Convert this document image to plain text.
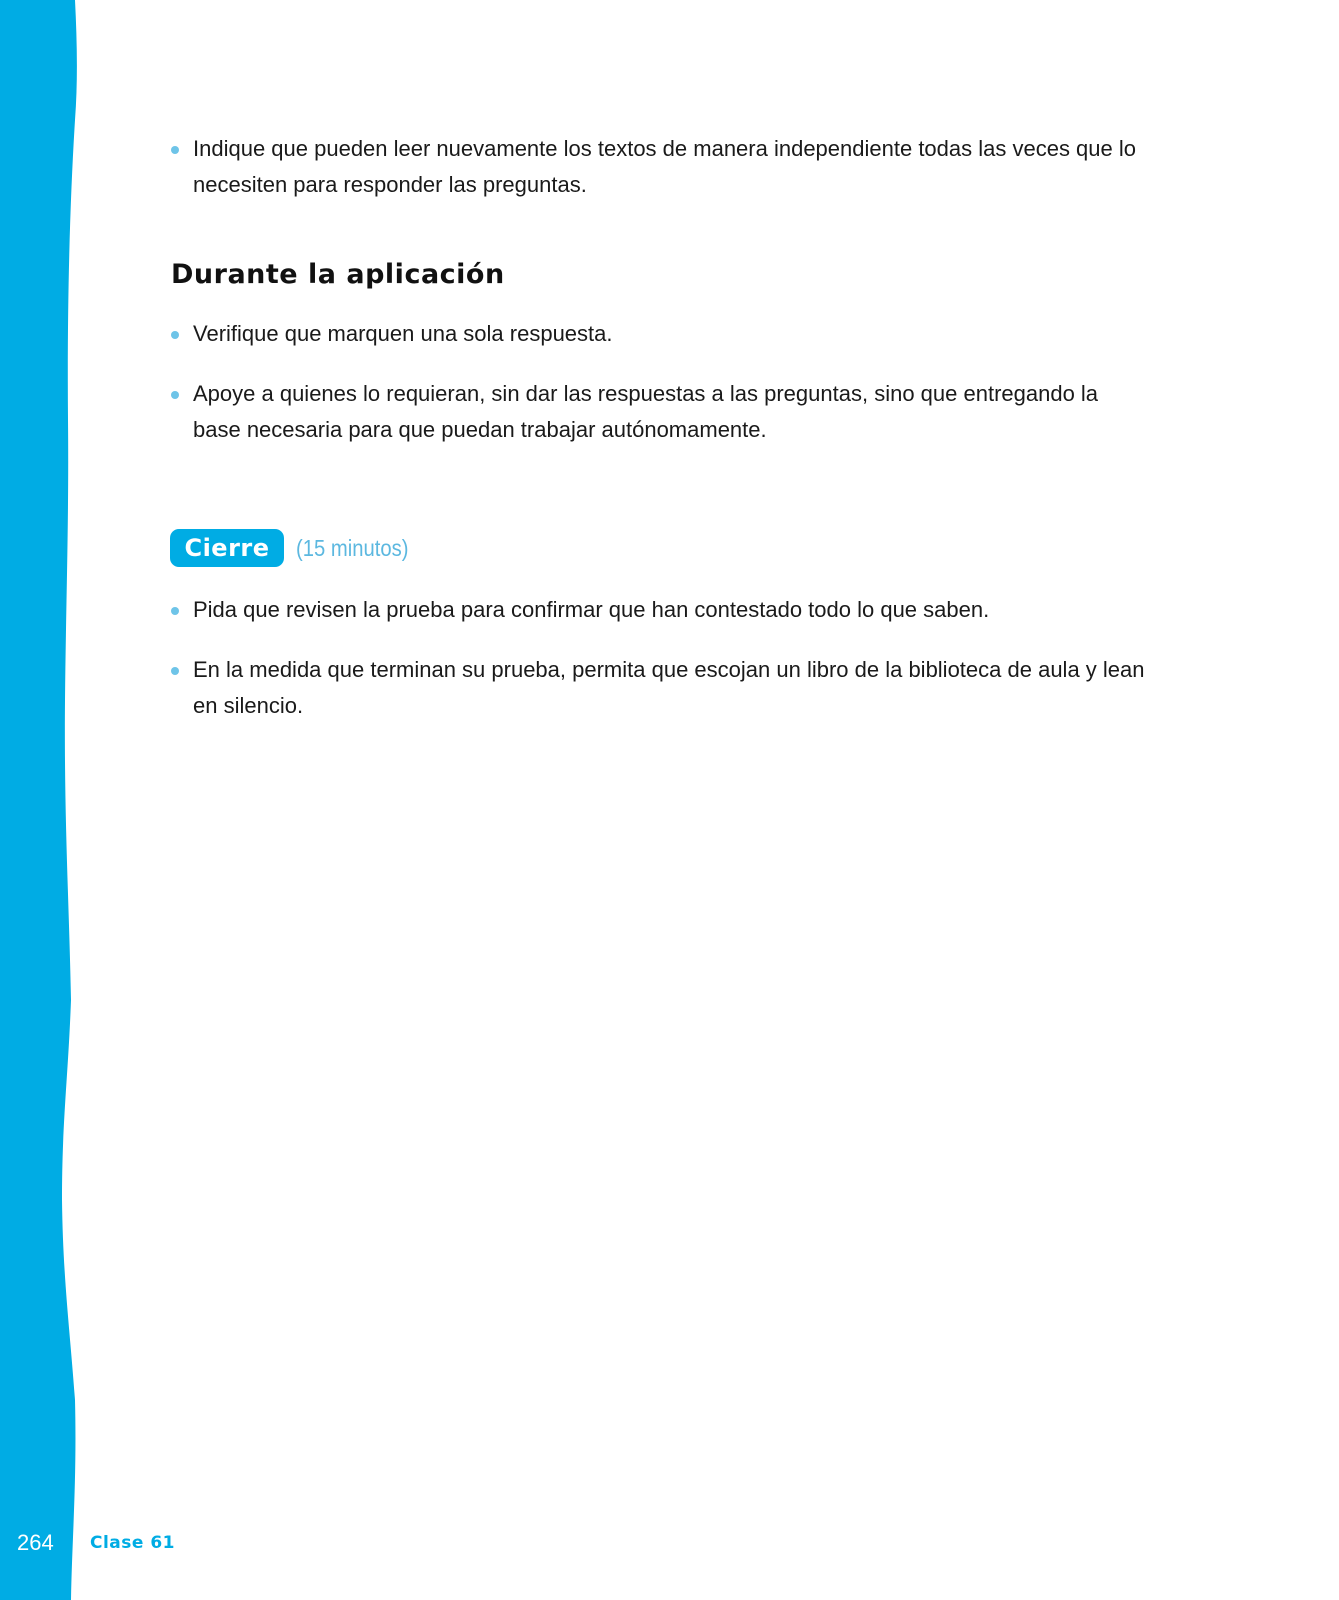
Indique que pueden leer nuevamente los textos de manera independiente todas las veces que lo necesiten para responder las preguntas.
Durante la aplicación
Verifique que marquen una sola respuesta.
Apoye a quienes lo requieran, sin dar las respuestas a las preguntas, sino que entregando la base necesaria para que puedan trabajar autónomamente.
Cierre	(15 minutos)
Pida que revisen la prueba para confirmar que han contestado todo lo que saben.
En la medida que terminan su prueba, permita que escojan un libro de la biblioteca de aula y lean en silencio.
264 Clase 61
